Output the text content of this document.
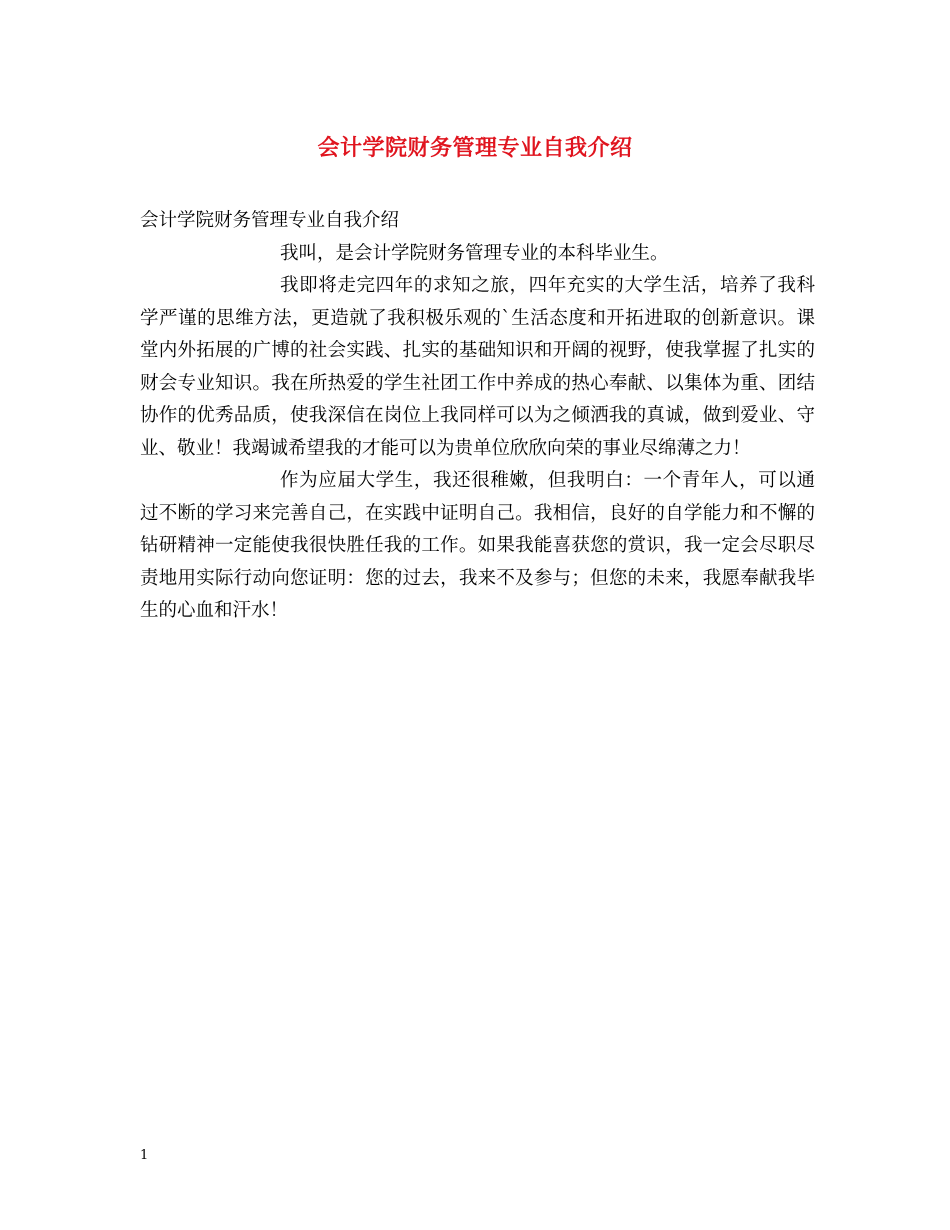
会计学院财务管理专业自我介绍

会计学院财务管理专业自我介绍

我叫，是会计学院财务管理专业的本科毕业生。

我即将走完四年的求知之旅，四年充实的大学生活，培养了我科学严谨的思维方法，更造就了我积极乐观的`生活态度和开拓进取的创新意识。课堂内外拓展的广博的社会实践、扎实的基础知识和开阔的视野，使我掌握了扎实的财会专业知识。我在所热爱的学生社团工作中养成的热心奉献、以集体为重、团结协作的优秀品质，使我深信在岗位上我同样可以为之倾洒我的真诚，做到爱业、守业、敬业！我竭诚希望我的才能可以为贵单位欣欣向荣的事业尽绵薄之力！

作为应届大学生，我还很稚嫩，但我明白：一个青年人，可以通过不断的学习来完善自己，在实践中证明自己。我相信，良好的自学能力和不懈的钻研精神一定能使我很快胜任我的工作。如果我能喜获您的赏识，我一定会尽职尽责地用实际行动向您证明：您的过去，我来不及参与；但您的未来，我愿奉献我毕生的心血和汗水！

1
